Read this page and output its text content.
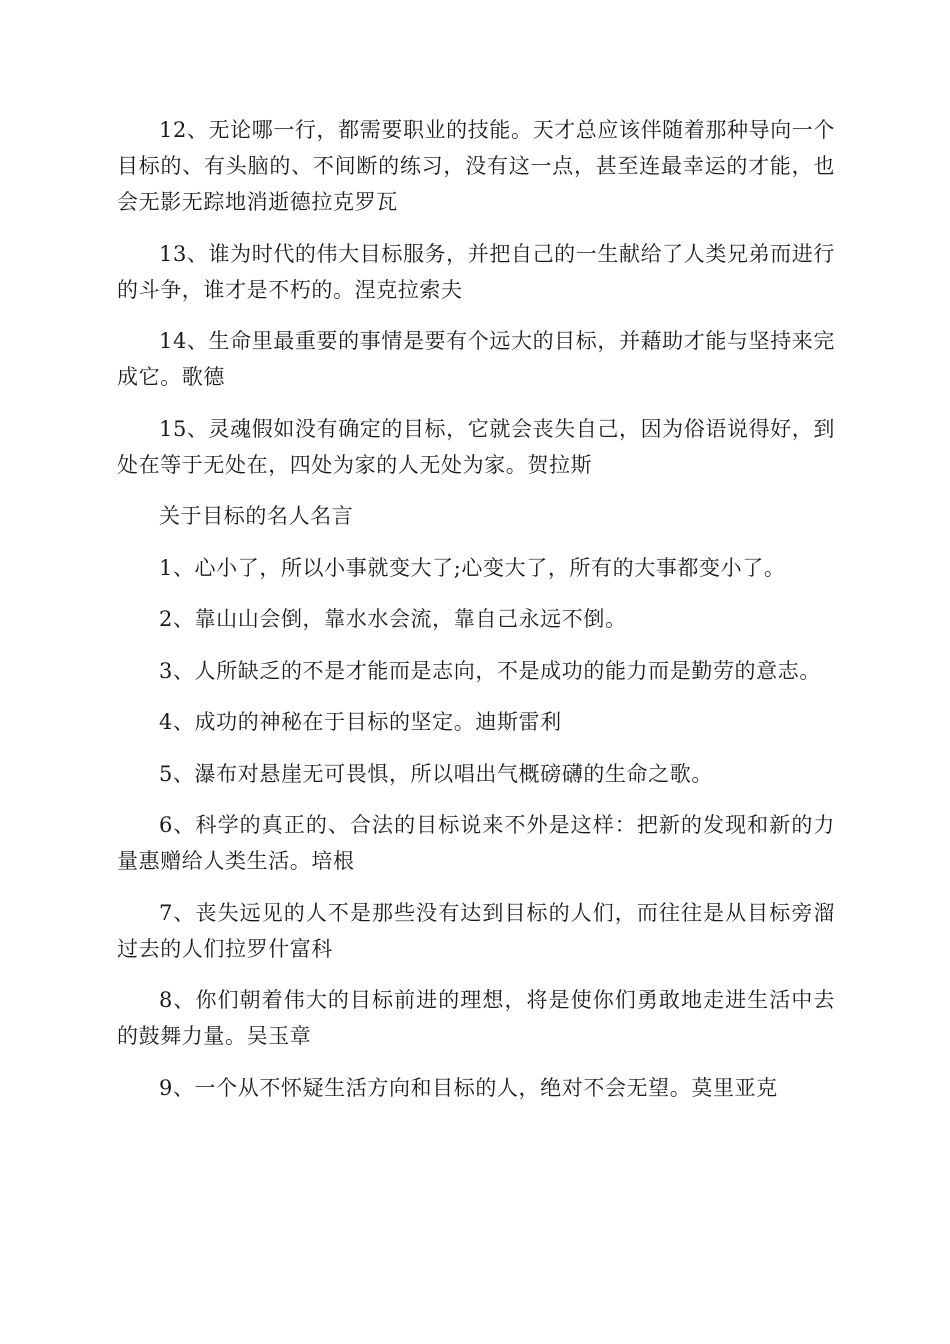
12、无论哪一行，都需要职业的技能。天才总应该伴随着那种导向一个目标的、有头脑的、不间断的练习，没有这一点，甚至连最幸运的才能，也会无影无踪地消逝德拉克罗瓦

13、谁为时代的伟大目标服务，并把自己的一生献给了人类兄弟而进行的斗争，谁才是不朽的。涅克拉索夫

14、生命里最重要的事情是要有个远大的目标，并藉助才能与坚持来完成它。歌德

15、灵魂假如没有确定的目标，它就会丧失自己，因为俗语说得好，到处在等于无处在，四处为家的人无处为家。贺拉斯

关于目标的名人名言

1、心小了，所以小事就变大了;心变大了，所有的大事都变小了。

2、靠山山会倒，靠水水会流，靠自己永远不倒。

3、人所缺乏的不是才能而是志向，不是成功的能力而是勤劳的意志。

4、成功的神秘在于目标的坚定。迪斯雷利

5、瀑布对悬崖无可畏惧，所以唱出气概磅礴的生命之歌。

6、科学的真正的、合法的目标说来不外是这样：把新的发现和新的力量惠赠给人类生活。培根

7、丧失远见的人不是那些没有达到目标的人们，而往往是从目标旁溜过去的人们拉罗什富科

8、你们朝着伟大的目标前进的理想，将是使你们勇敢地走进生活中去的鼓舞力量。吴玉章

9、一个从不怀疑生活方向和目标的人，绝对不会无望。莫里亚克
